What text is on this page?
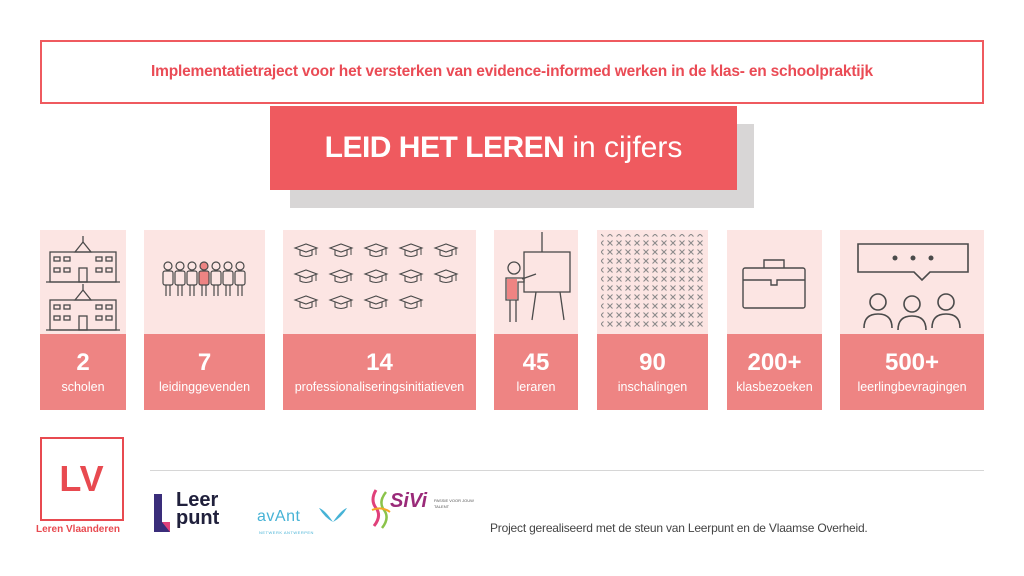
Implementatietraject voor het versterken van evidence-informed werken in de klas- en schoolpraktijk
LEID HET LEREN in cijfers
2
scholen
7
leidinggevenden
14
professionaliseringsinitiatieven
45
leraren
90
inschalingen
200+
klasbezoeken
500+
leerlingbevragingen
LV
Leren Vlaanderen
Leer
punt avAnt
NETWERK ANTWERPEN
SiVi PASSIE VOOR JOUW TALENT
Project gerealiseerd met de steun van Leerpunt en de Vlaamse Overheid.
